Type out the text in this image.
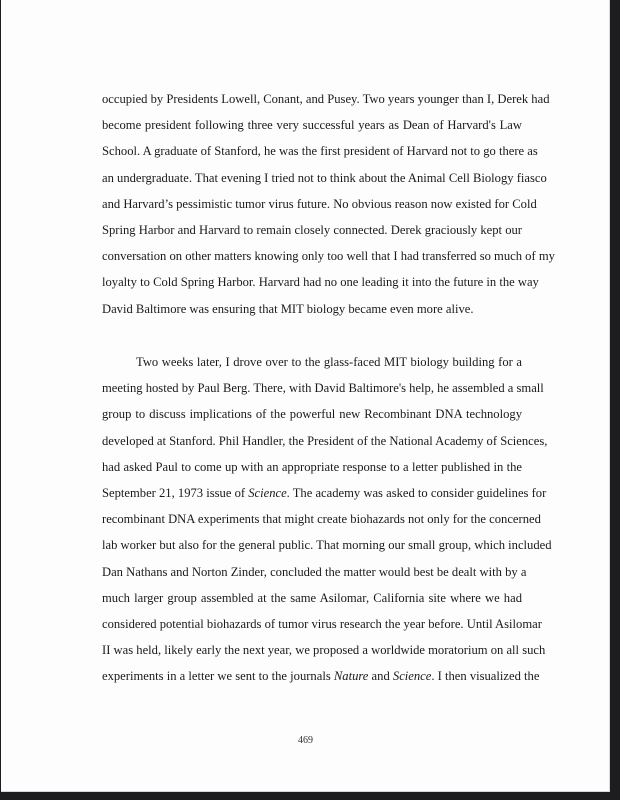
occupied by Presidents Lowell, Conant, and Pusey. Two years younger than I, Derek had
become president following three very successful years as Dean of Harvard's Law
School. A graduate of Stanford, he was the first president of Harvard not to go there as
an undergraduate. That evening I tried not to think about the Animal Cell Biology fiasco
and Harvard’s pessimistic tumor virus future. No obvious reason now existed for Cold
Spring Harbor and Harvard to remain closely connected. Derek graciously kept our
conversation on other matters knowing only too well that I had transferred so much of my
loyalty to Cold Spring Harbor. Harvard had no one leading it into the future in the way
David Baltimore was ensuring that MIT biology became even more alive.

Two weeks later, I drove over to the glass-faced MIT biology building for a
meeting hosted by Paul Berg. There, with David Baltimore's help, he assembled a small
group to discuss implications of the powerful new Recombinant DNA technology
developed at Stanford. Phil Handler, the President of the National Academy of Sciences,
had asked Paul to come up with an appropriate response to a letter published in the
September 21, 1973 issue of Science. The academy was asked to consider guidelines for
recombinant DNA experiments that might create biohazards not only for the concerned
lab worker but also for the general public. That morning our small group, which included
Dan Nathans and Norton Zinder, concluded the matter would best be dealt with by a
much larger group assembled at the same Asilomar, California site where we had
considered potential biohazards of tumor virus research the year before. Until Asilomar
II was held, likely early the next year, we proposed a worldwide moratorium on all such
experiments in a letter we sent to the journals Nature and Science. I then visualized the

469
